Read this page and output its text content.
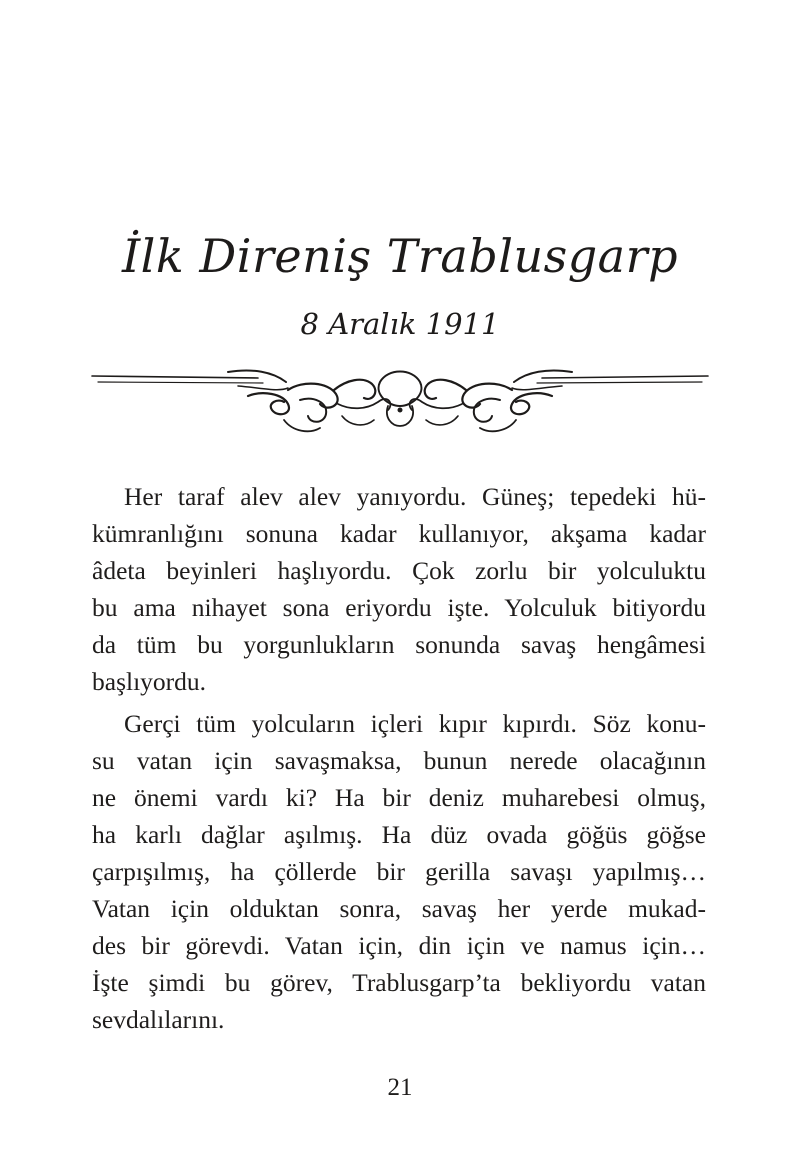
İlk Direniş Trablusgarp
8 Aralık 1911
Her taraf alev alev yanıyordu. Güneş; tepedeki hü-
kümranlığını sonuna kadar kullanıyor, akşama kadar
âdeta beyinleri haşlıyordu. Çok zorlu bir yolculuktu
bu ama nihayet sona eriyordu işte. Yolculuk bitiyordu
da tüm bu yorgunlukların sonunda savaş hengâmesi
başlıyordu.
Gerçi tüm yolcuların içleri kıpır kıpırdı. Söz konu-
su vatan için savaşmaksa, bunun nerede olacağının
ne önemi vardı ki? Ha bir deniz muharebesi olmuş,
ha karlı dağlar aşılmış. Ha düz ovada göğüs göğse
çarpışılmış, ha çöllerde bir gerilla savaşı yapılmış…
Vatan için olduktan sonra, savaş her yerde mukad-
des bir görevdi. Vatan için, din için ve namus için…
İşte şimdi bu görev, Trablusgarp’ta bekliyordu vatan
sevdalılarını.
21
